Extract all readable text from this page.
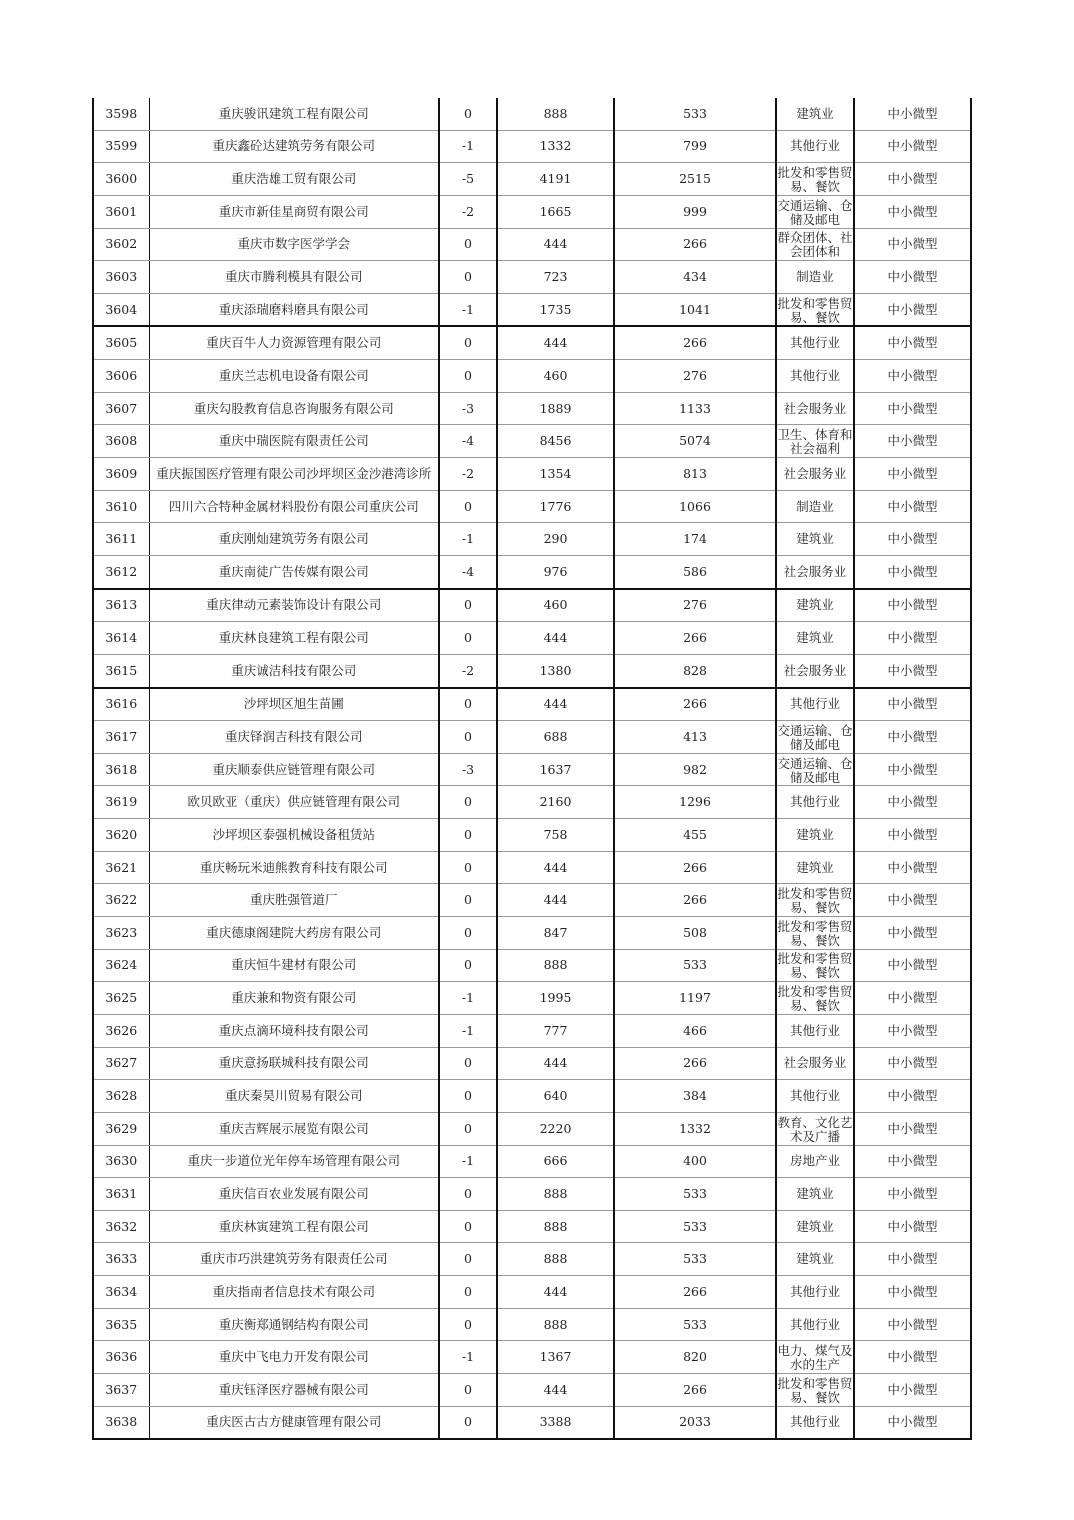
3598	重庆骏讯建筑工程有限公司	0	888	533	建筑业	中小微型

3599	重庆鑫砼达建筑劳务有限公司	-1	1332	799	其他行业	中小微型

3600	重庆浩雄工贸有限公司	-5	4191	2515	批发和零售贸易、餐饮	中小微型

3601	重庆市新佳星商贸有限公司	-2	1665	999	交通运输、仓储及邮电	中小微型

3602	重庆市数字医学学会	0	444	266	群众团体、社会团体和	中小微型

3603	重庆市腾利模具有限公司	0	723	434	制造业	中小微型

3604	重庆添瑞磨料磨具有限公司	-1	1735	1041	批发和零售贸易、餐饮	中小微型

3605	重庆百牛人力资源管理有限公司	0	444	266	其他行业	中小微型

3606	重庆兰志机电设备有限公司	0	460	276	其他行业	中小微型

3607	重庆勾股教育信息咨询服务有限公司	-3	1889	1133	社会服务业	中小微型

3608	重庆中瑞医院有限责任公司	-4	8456	5074	卫生、体育和社会福利	中小微型

3609	重庆振国医疗管理有限公司沙坪坝区金沙港湾诊所	-2	1354	813	社会服务业	中小微型

3610	四川六合特种金属材料股份有限公司重庆公司	0	1776	1066	制造业	中小微型

3611	重庆刚灿建筑劳务有限公司	-1	290	174	建筑业	中小微型

3612	重庆南徒广告传媒有限公司	-4	976	586	社会服务业	中小微型

3613	重庆律动元素装饰设计有限公司	0	460	276	建筑业	中小微型

3614	重庆林良建筑工程有限公司	0	444	266	建筑业	中小微型

3615	重庆诚洁科技有限公司	-2	1380	828	社会服务业	中小微型

3616	沙坪坝区旭生苗圃	0	444	266	其他行业	中小微型

3617	重庆铎润吉科技有限公司	0	688	413	交通运输、仓储及邮电	中小微型

3618	重庆顺泰供应链管理有限公司	-3	1637	982	交通运输、仓储及邮电	中小微型

3619	欧贝欧亚（重庆）供应链管理有限公司	0	2160	1296	其他行业	中小微型

3620	沙坪坝区泰强机械设备租赁站	0	758	455	建筑业	中小微型

3621	重庆畅玩米迪熊教育科技有限公司	0	444	266	建筑业	中小微型

3622	重庆胜强管道厂	0	444	266	批发和零售贸易、餐饮	中小微型

3623	重庆德康阁建院大药房有限公司	0	847	508	批发和零售贸易、餐饮	中小微型

3624	重庆恒牛建材有限公司	0	888	533	批发和零售贸易、餐饮	中小微型

3625	重庆兼和物资有限公司	-1	1995	1197	批发和零售贸易、餐饮	中小微型

3626	重庆点滴环境科技有限公司	-1	777	466	其他行业	中小微型

3627	重庆意扬联城科技有限公司	0	444	266	社会服务业	中小微型

3628	重庆秦昊川贸易有限公司	0	640	384	其他行业	中小微型

3629	重庆吉辉展示展览有限公司	0	2220	1332	教育、文化艺术及广播	中小微型

3630	重庆一步道位光年停车场管理有限公司	-1	666	400	房地产业	中小微型

3631	重庆信百农业发展有限公司	0	888	533	建筑业	中小微型

3632	重庆林寅建筑工程有限公司	0	888	533	建筑业	中小微型

3633	重庆市巧洪建筑劳务有限责任公司	0	888	533	建筑业	中小微型

3634	重庆指南者信息技术有限公司	0	444	266	其他行业	中小微型

3635	重庆衡郑通钢结构有限公司	0	888	533	其他行业	中小微型

3636	重庆中飞电力开发有限公司	-1	1367	820	电力、煤气及水的生产	中小微型

3637	重庆钰泽医疗器械有限公司	0	444	266	批发和零售贸易、餐饮	中小微型

3638	重庆医古古方健康管理有限公司	0	3388	2033	其他行业	中小微型
